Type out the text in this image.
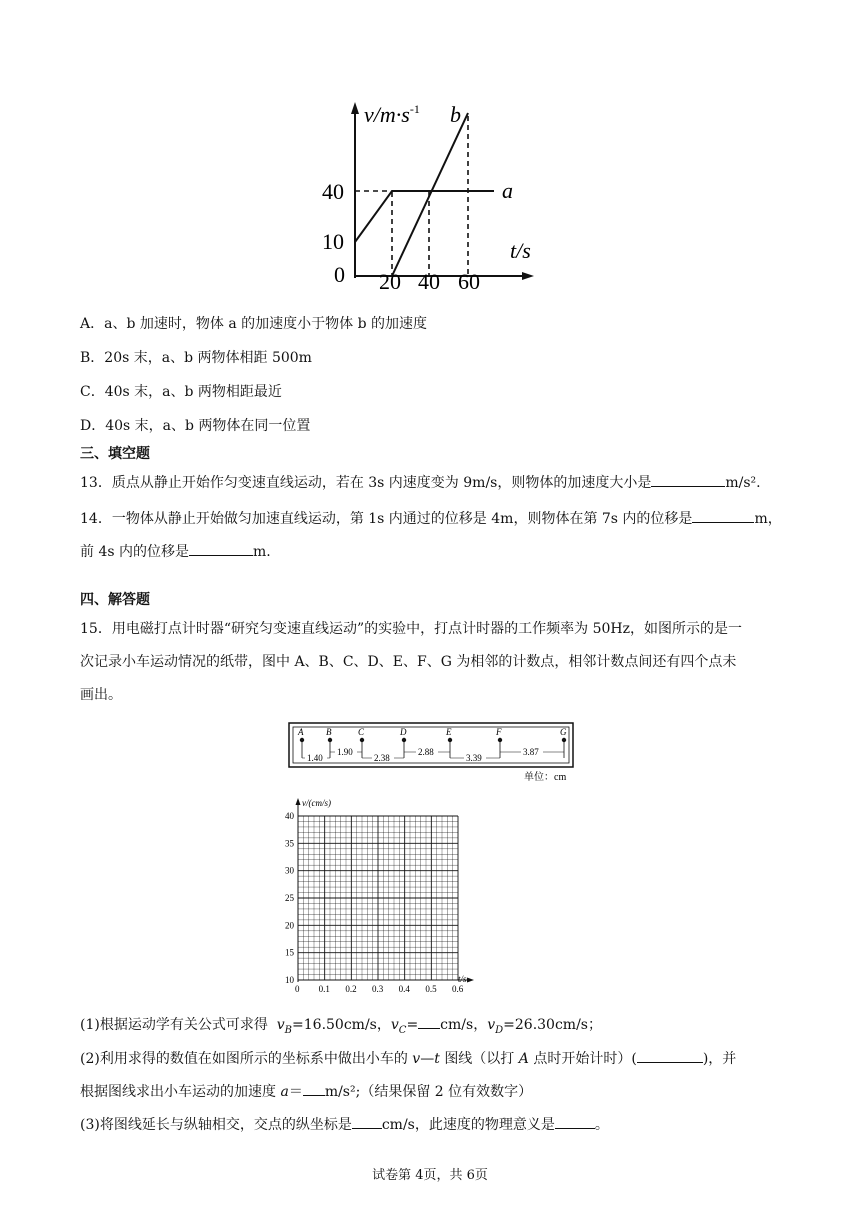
$v/m\cdot s^{-1}$ b
a
40
10
0
t/s
20 40 60
A．a、b 加速时，物体 a 的加速度小于物体 b 的加速度
B．20s 末，a、b 两物体相距 500m
C．40s 末，a、b 两物相距最近
D．40s 末，a、b 两物体在同一位置
三、填空题
13．质点从静止开始作匀变速直线运动，若在 3s 内速度变为 9m/s，则物体的加速度大小是	m/s².
14．一物体从静止开始做匀加速直线运动，第 1s 内通过的位移是 4m，则物体在第 7s 内的位移是	m，
前 4s 内的位移是	m.
四、解答题
15．用电磁打点计时器“研究匀变速直线运动”的实验中，打点计时器的工作频率为 50Hz，如图所示的是一
次记录小车运动情况的纸带，图中 A、B、C、D、E、F、G 为相邻的计数点，相邻计数点间还有四个点未
画出。
A	B	C	D	E	F	G
1.40
1.90
2.38
2.88
3.39
3.87
单位：cm
v/(cm/s)
t/s
40
35
30
25
20
15
10
0 0.1 0.2 0.3 0.4 0.5 0.6
(1)根据运动学有关公式可求得 $v_B=16.50cm/s$，$v_C= cm/s$，$v_D=26.30cm/s$；
(2)利用求得的数值在如图所示的坐标系中做出小车的 v—t 图线（以打 A 点时开始计时）(	)，并
根据图线求出小车运动的加速度 a＝ m/s²;（结果保留 2 位有效数字）
(3)将图线延长与纵轴相交，交点的纵坐标是 cm/s，此速度的物理意义是	。
试卷第 4页，共 6页
